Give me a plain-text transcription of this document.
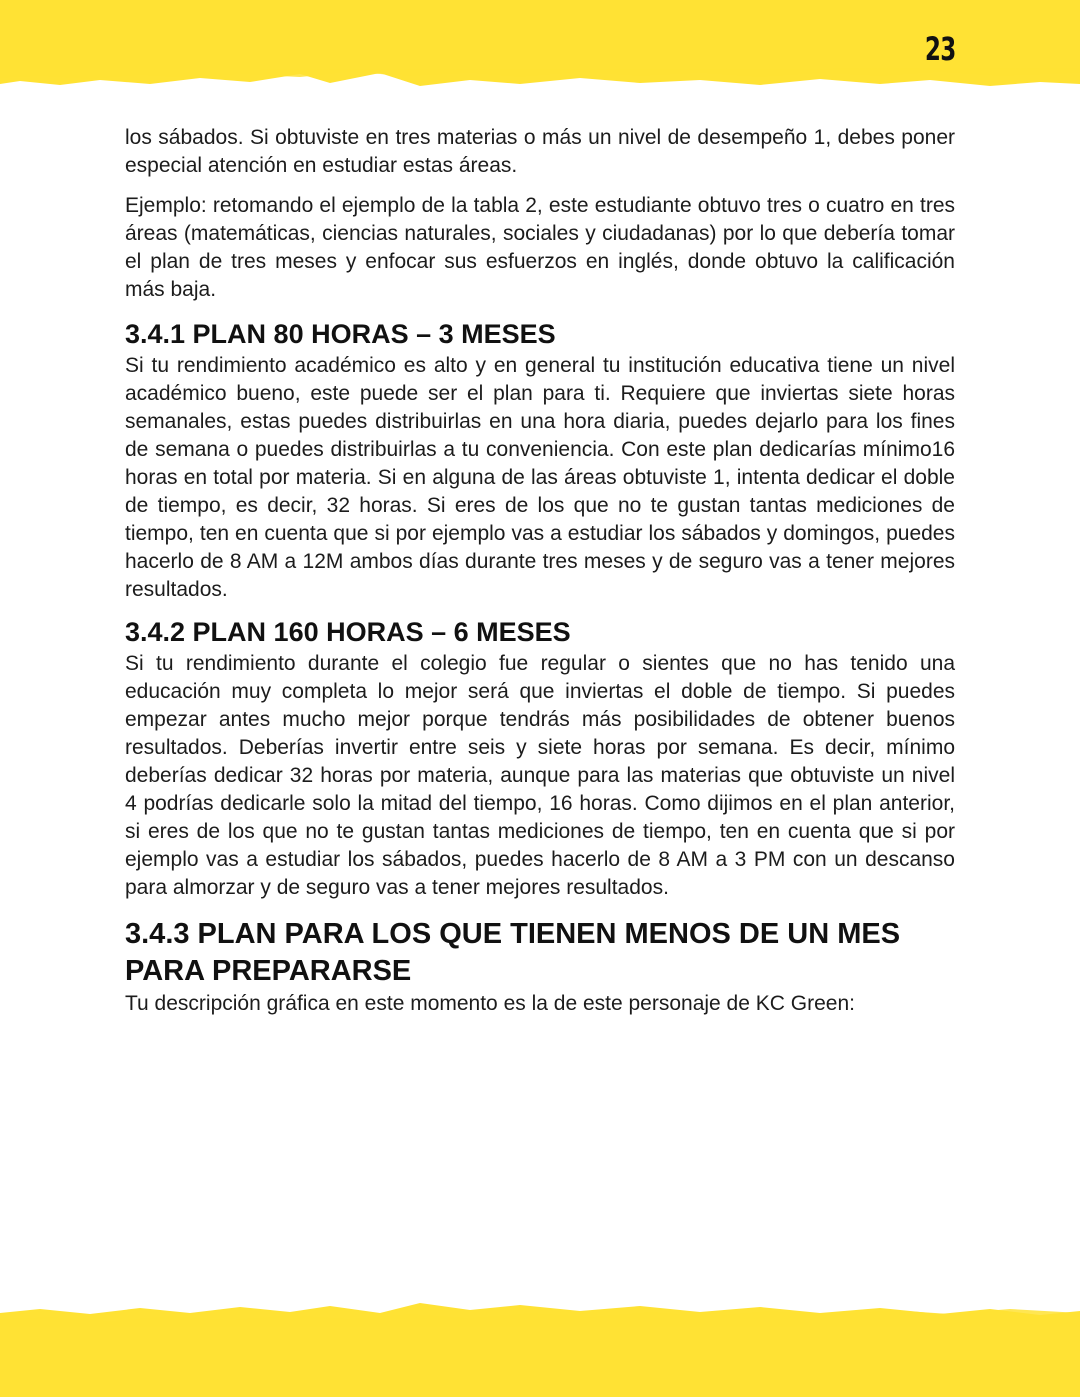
23

los sábados. Si obtuviste en tres materias o más un nivel de desempeño 1, debes poner especial atención en estudiar estas áreas.

Ejemplo: retomando el ejemplo de la tabla 2, este estudiante obtuvo tres o cuatro en tres áreas (matemáticas, ciencias naturales, sociales y ciudadanas) por lo que debería tomar el plan de tres meses y enfocar sus esfuerzos en inglés, donde obtuvo la calificación más baja.

3.4.1 PLAN 80 HORAS – 3 MESES

Si tu rendimiento académico es alto y en general tu institución educativa tiene un nivel académico bueno, este puede ser el plan para ti. Requiere que inviertas siete horas semanales, estas puedes distribuirlas en una hora diaria, puedes dejarlo para los fines de semana o puedes distribuirlas a tu conveniencia. Con este plan dedicarías mínimo16 horas en total por materia. Si en alguna de las áreas obtuviste 1, intenta dedicar el doble de tiempo, es decir, 32 horas. Si eres de los que no te gustan tantas mediciones de tiempo, ten en cuenta que si por ejemplo vas a estudiar los sábados y domingos, puedes hacerlo de 8 AM a 12M ambos días durante tres meses y de seguro vas a tener mejores resultados.

3.4.2 PLAN 160 HORAS – 6 MESES

Si tu rendimiento durante el colegio fue regular o sientes que no has tenido una educación muy completa lo mejor será que inviertas el doble de tiempo. Si puedes empezar antes mucho mejor porque tendrás más posibilidades de obtener buenos resultados. Deberías invertir entre seis y siete horas por semana. Es decir, mínimo deberías dedicar 32 horas por materia, aunque para las materias que obtuviste un nivel 4 podrías dedicarle solo la mitad del tiempo, 16 horas. Como dijimos en el plan anterior, si eres de los que no te gustan tantas mediciones de tiempo, ten en cuenta que si por ejemplo vas a estudiar los sábados, puedes hacerlo de 8 AM a 3 PM con un descanso para almorzar y de seguro vas a tener mejores resultados.

3.4.3 PLAN PARA LOS QUE TIENEN MENOS DE UN MES PARA PREPARARSE

Tu descripción gráfica en este momento es la de este personaje de KC Green:
